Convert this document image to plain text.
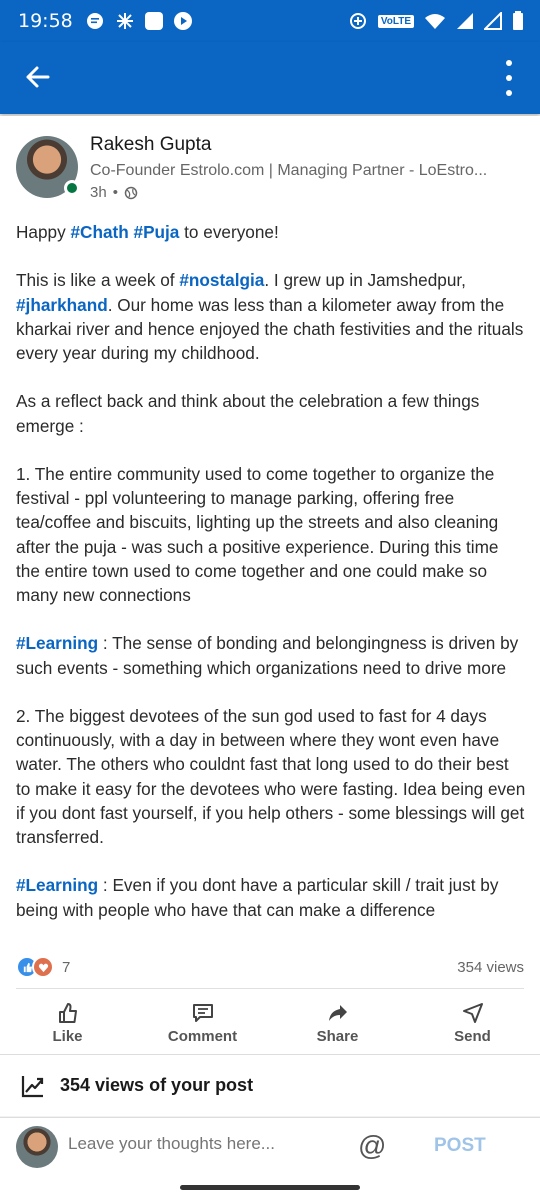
19:58	VoLTE
Rakesh Gupta
Co-Founder Estrolo.com | Managing Partner - LoEstro...
3h •

Happy #Chath #Puja to everyone!

This is like a week of #nostalgia. I grew up in Jamshedpur, #jharkhand. Our home was less than a kilometer away from the kharkai river and hence enjoyed the chath festivities and the rituals every year during my childhood.

As a reflect back and think about the celebration a few things emerge :

1. The entire community used to come together to organize the festival - ppl volunteering to manage parking, offering free tea/coffee and biscuits, lighting up the streets and also cleaning after the puja - was such a positive experience. During this time the entire town used to come together and one could make so many new connections

#Learning : The sense of bonding and belongingness is driven by such events - something which organizations need to drive more

2. The biggest devotees of the sun god used to fast for 4 days continuously, with a day in between where they wont even have water. The others who couldnt fast that long used to do their best to make it easy for the devotees who were fasting. Idea being even if you dont fast yourself, if you help others - some blessings will get transferred.

#Learning : Even if you dont have a particular skill / trait just by being with people who have that can make a difference

7	354 views
Like	Comment	Share	Send
354 views of your post
Leave your thoughts here...
@	POST
